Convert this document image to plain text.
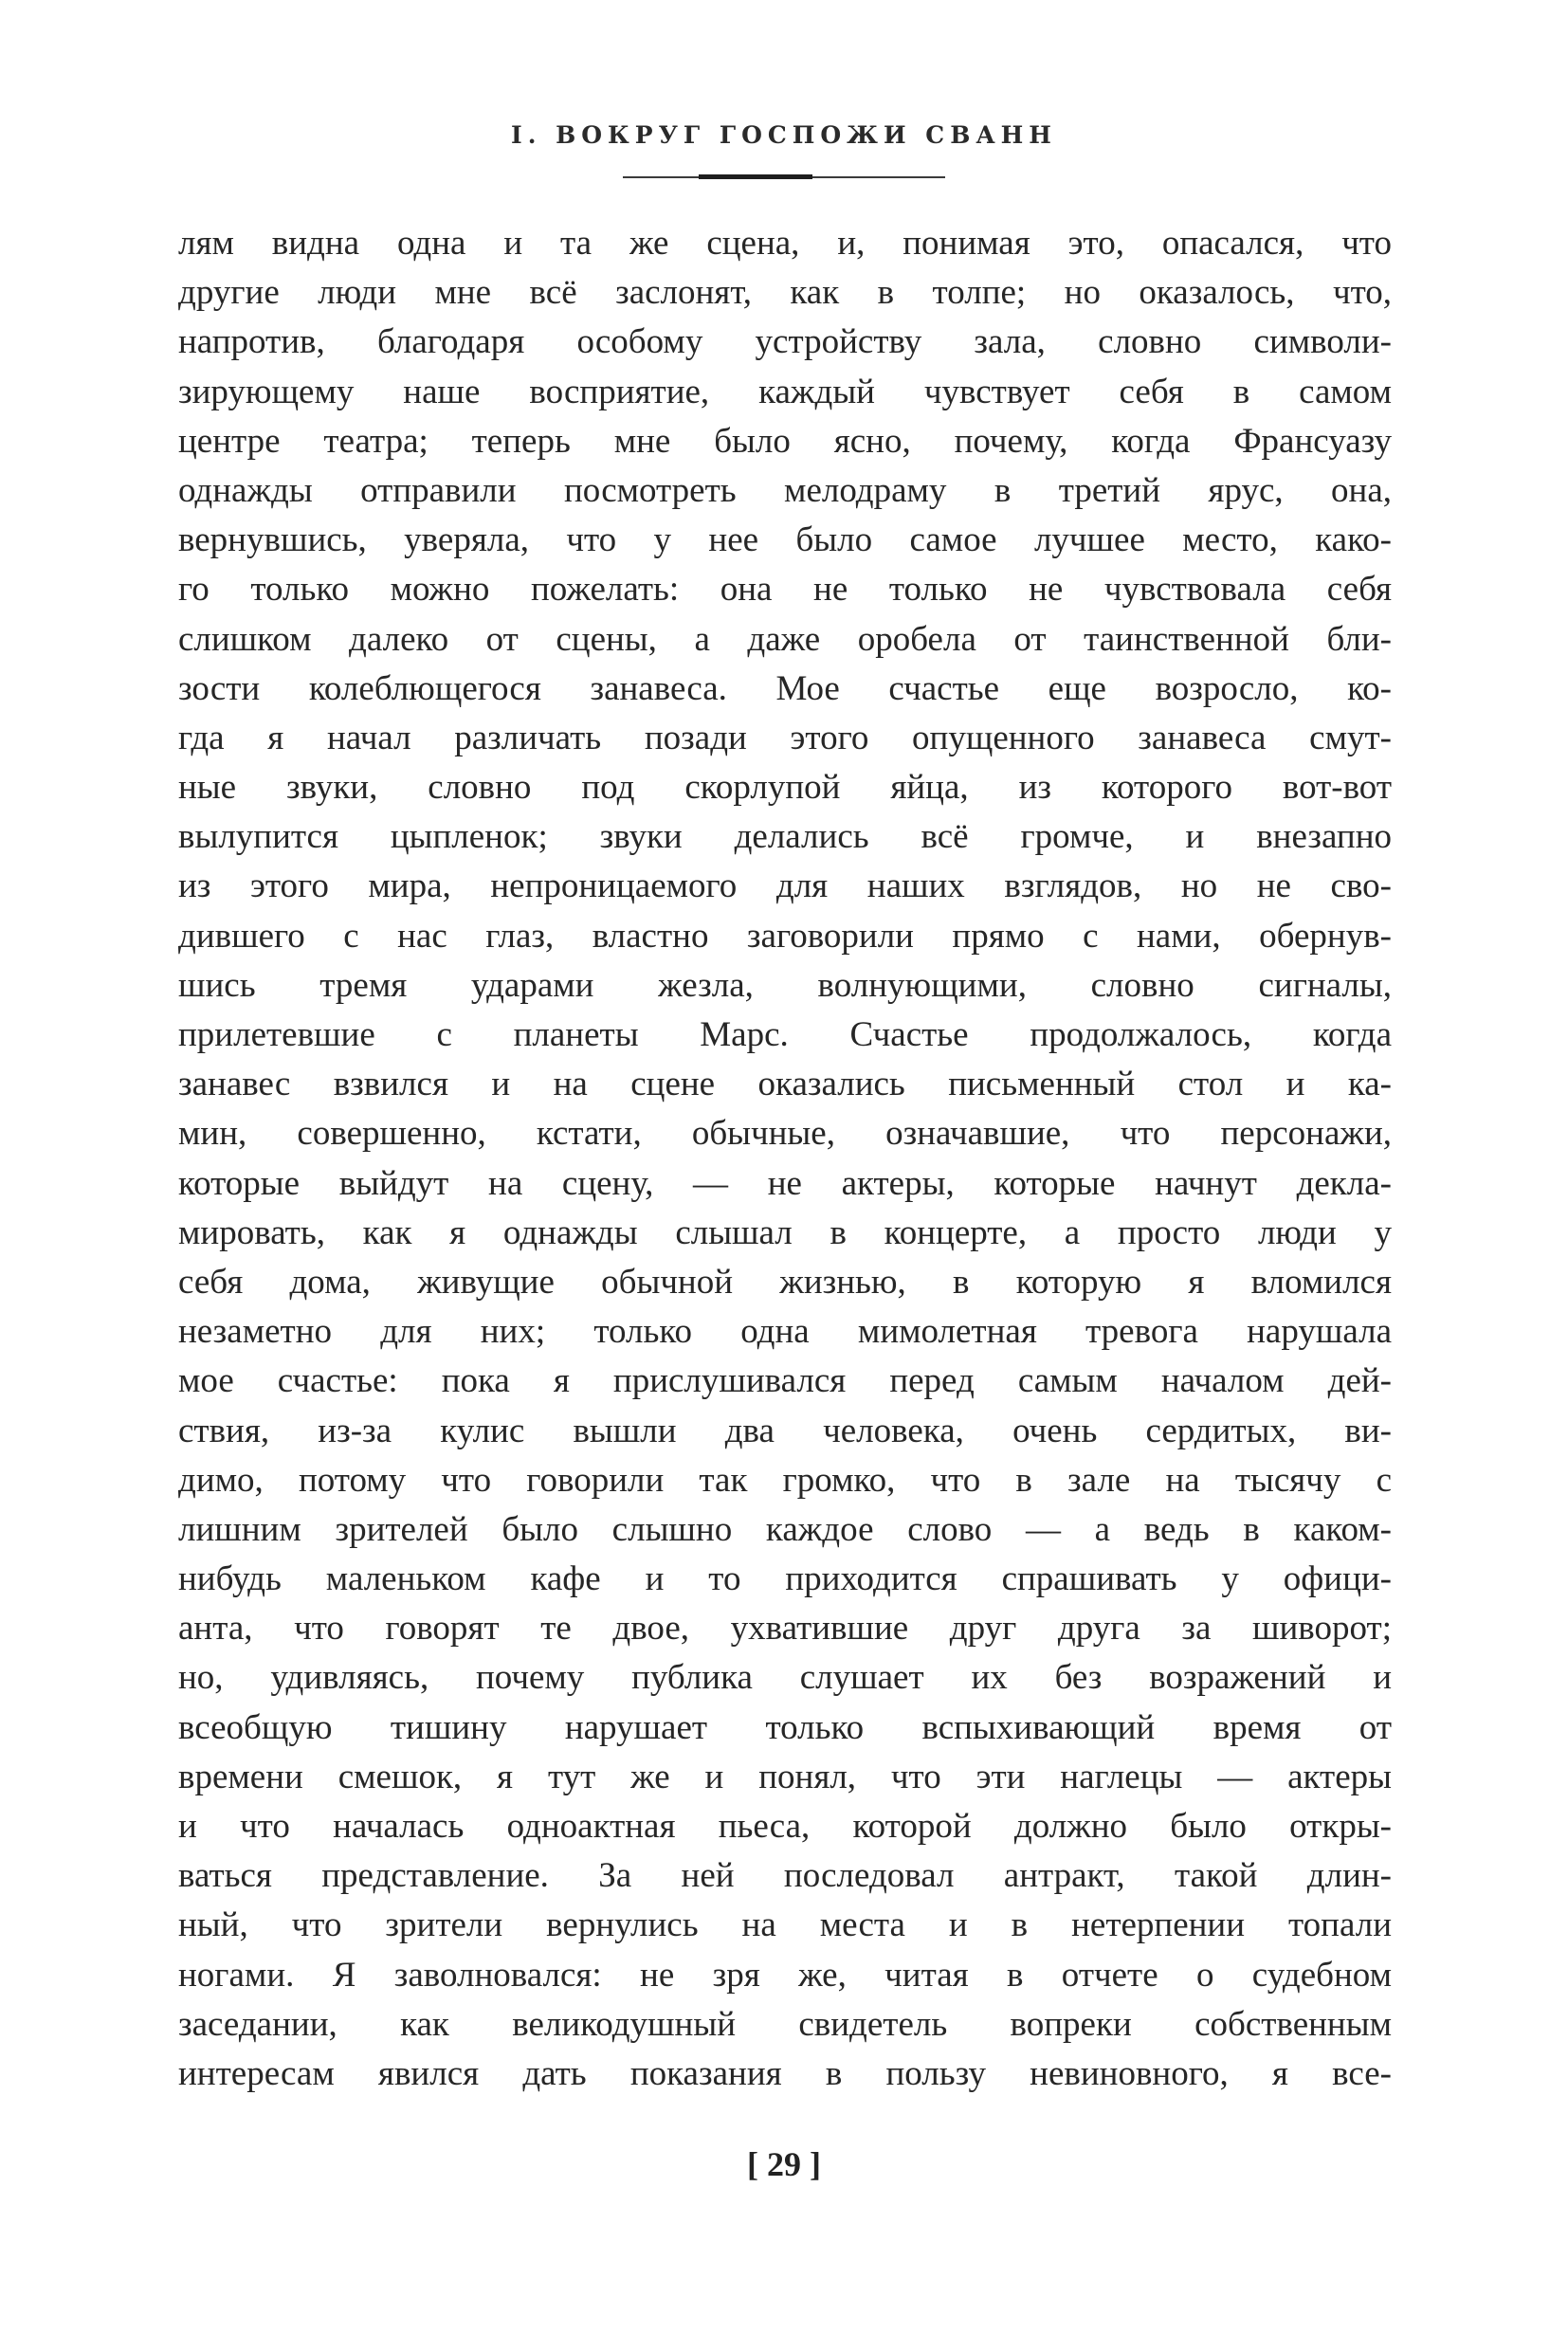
I. ВОКРУГ ГОСПОЖИ СВАНН
лям видна одна и та же сцена, и, понимая это, опасался, что
другие люди мне всё заслонят, как в толпе; но оказалось, что,
напротив, благодаря особому устройству зала, словно символи-
зирующему наше восприятие, каждый чувствует себя в самом
центре театра; теперь мне было ясно, почему, когда Франсуазу
однажды отправили посмотреть мелодраму в третий ярус, она,
вернувшись, уверяла, что у нее было самое лучшее место, како-
го только можно пожелать: она не только не чувствовала себя
слишком далеко от сцены, а даже оробела от таинственной бли-
зости колеблющегося занавеса. Мое счастье еще возросло, ко-
гда я начал различать позади этого опущенного занавеса смут-
ные звуки, словно под скорлупой яйца, из которого вот-вот
вылупится цыпленок; звуки делались всё громче, и внезапно
из этого мира, непроницаемого для наших взглядов, но не сво-
дившего с нас глаз, властно заговорили прямо с нами, обернув-
шись тремя ударами жезла, волнующими, словно сигналы,
прилетевшие с планеты Марс. Счастье продолжалось, когда
занавес взвился и на сцене оказались письменный стол и ка-
мин, совершенно, кстати, обычные, означавшие, что персонажи,
которые выйдут на сцену, — не актеры, которые начнут декла-
мировать, как я однажды слышал в концерте, а просто люди у
себя дома, живущие обычной жизнью, в которую я вломился
незаметно для них; только одна мимолетная тревога нарушала
мое счастье: пока я прислушивался перед самым началом дей-
ствия, из-за кулис вышли два человека, очень сердитых, ви-
димо, потому что говорили так громко, что в зале на тысячу с
лишним зрителей было слышно каждое слово — а ведь в каком-
нибудь маленьком кафе и то приходится спрашивать у офици-
анта, что говорят те двое, ухватившие друг друга за шиворот;
но, удивляясь, почему публика слушает их без возражений и
всеобщую тишину нарушает только вспыхивающий время от
времени смешок, я тут же и понял, что эти наглецы — актеры
и что началась одноактная пьеса, которой должно было откры-
ваться представление. За ней последовал антракт, такой длин-
ный, что зрители вернулись на места и в нетерпении топали
ногами. Я заволновался: не зря же, читая в отчете о судебном
заседании, как великодушный свидетель вопреки собственным
интересам явился дать показания в пользу невиновного, я все-
[ 29 ]
